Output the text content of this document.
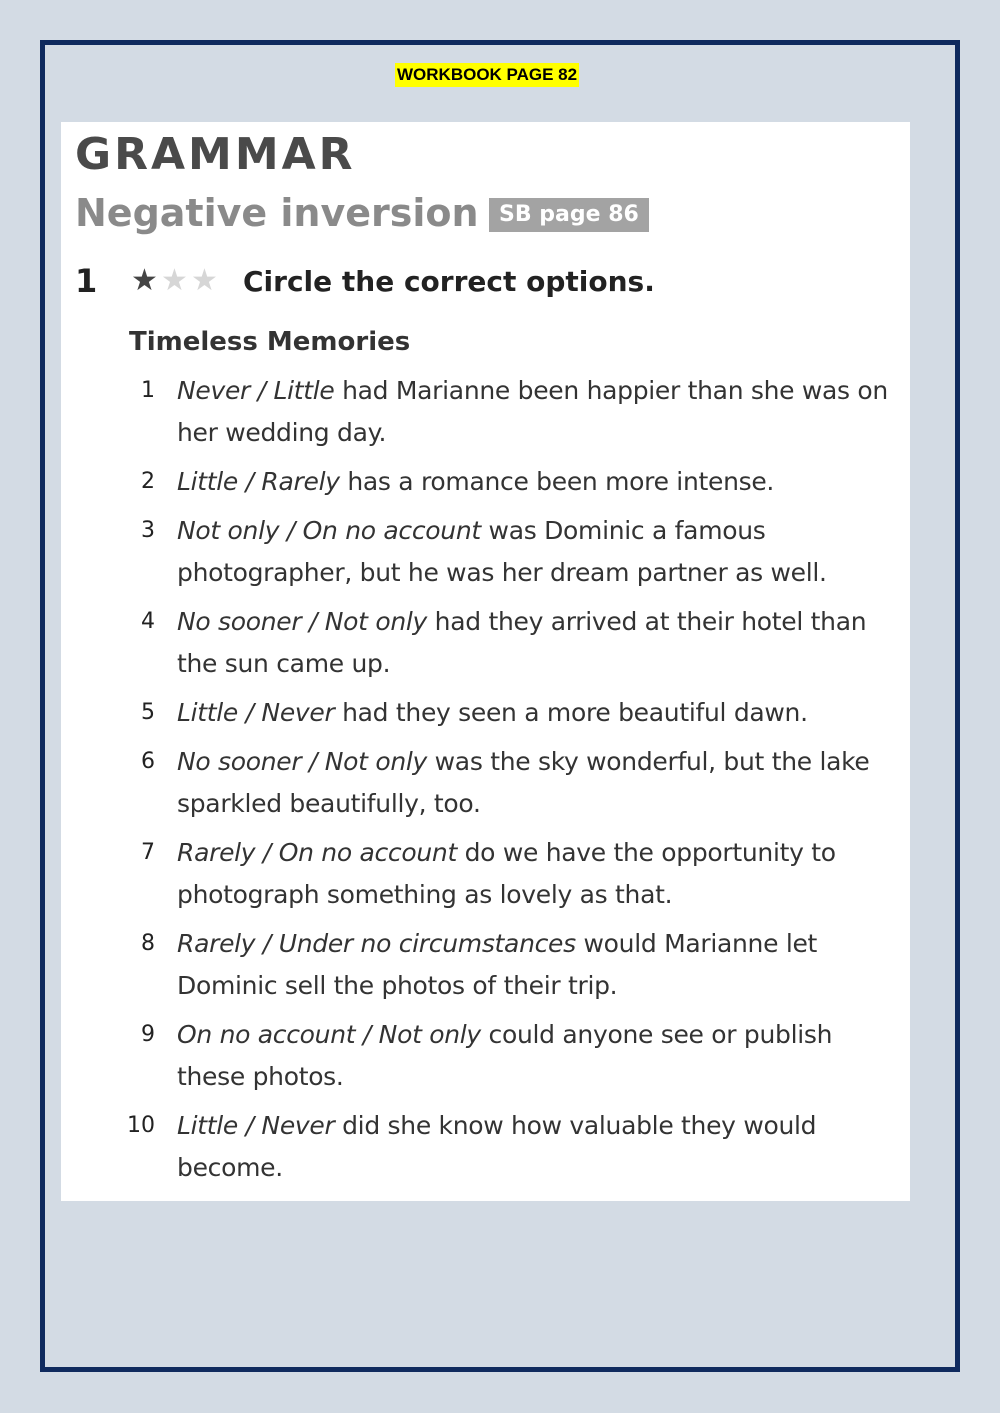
WORKBOOK PAGE 82
GRAMMAR
Negative inversion SB page 86
1	★ ★ ★ Circle the correct options.
Timeless Memories
1 Never / Little had Marianne been happier than she was on her wedding day.
2 Little / Rarely has a romance been more intense.
3 Not only / On no account was Dominic a famous photographer, but he was her dream partner as well.
4 No sooner / Not only had they arrived at their hotel than the sun came up.
5 Little / Never had they seen a more beautiful dawn.
6 No sooner / Not only was the sky wonderful, but the lake sparkled beautifully, too.
7 Rarely / On no account do we have the opportunity to photograph something as lovely as that.
8 Rarely / Under no circumstances would Marianne let Dominic sell the photos of their trip.
9 On no account / Not only could anyone see or publish these photos.
10 Little / Never did she know how valuable they would become.
